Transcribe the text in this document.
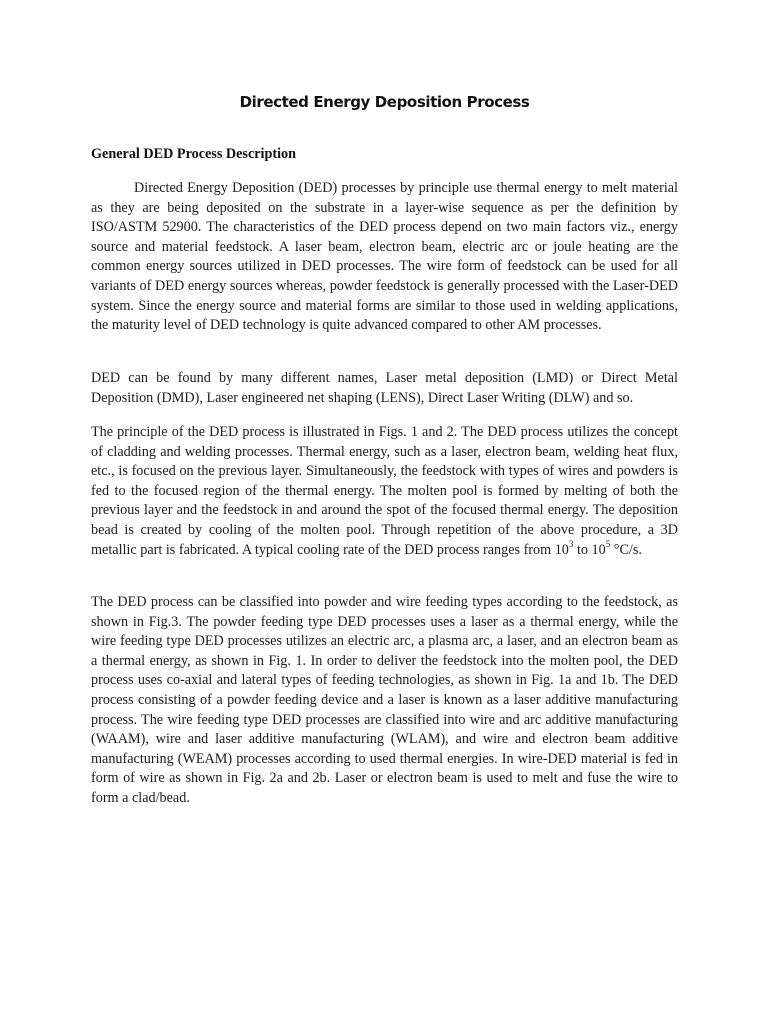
Directed Energy Deposition Process
General DED Process Description

Directed Energy Deposition (DED) processes by principle use thermal energy to melt material as they are being deposited on the substrate in a layer-wise sequence as per the definition by ISO/ASTM 52900. The characteristics of the DED process depend on two main factors viz., energy source and material feedstock. A laser beam, electron beam, electric arc or joule heating are the common energy sources utilized in DED processes. The wire form of feedstock can be used for all variants of DED energy sources whereas, powder feedstock is generally processed with the Laser-DED system. Since the energy source and material forms are similar to those used in welding applications, the maturity level of DED technology is quite advanced compared to other AM processes.

DED can be found by many different names, Laser metal deposition (LMD) or Direct Metal Deposition (DMD), Laser engineered net shaping (LENS), Direct Laser Writing (DLW) and so.

The principle of the DED process is illustrated in Figs. 1 and 2. The DED process utilizes the concept of cladding and welding processes. Thermal energy, such as a laser, electron beam, welding heat flux, etc., is focused on the previous layer. Simultaneously, the feedstock with types of wires and powders is fed to the focused region of the thermal energy. The molten pool is formed by melting of both the previous layer and the feedstock in and around the spot of the focused thermal energy. The deposition bead is created by cooling of the molten pool. Through repetition of the above procedure, a 3D metallic part is fabricated. A typical cooling rate of the DED process ranges from $10^3$ to $10^5$ °C/s.

The DED process can be classified into powder and wire feeding types according to the feedstock, as shown in Fig.3. The powder feeding type DED processes uses a laser as a thermal energy, while the wire feeding type DED processes utilizes an electric arc, a plasma arc, a laser, and an electron beam as a thermal energy, as shown in Fig. 1. In order to deliver the feedstock into the molten pool, the DED process uses co-axial and lateral types of feeding technologies, as shown in Fig. 1a and 1b. The DED process consisting of a powder feeding device and a laser is known as a laser additive manufacturing process. The wire feeding type DED processes are classified into wire and arc additive manufacturing (WAAM), wire and laser additive manufacturing (WLAM), and wire and electron beam additive manufacturing (WEAM) processes according to used thermal energies. In wire-DED material is fed in form of wire as shown in Fig. 2a and 2b. Laser or electron beam is used to melt and fuse the wire to form a clad/bead.
